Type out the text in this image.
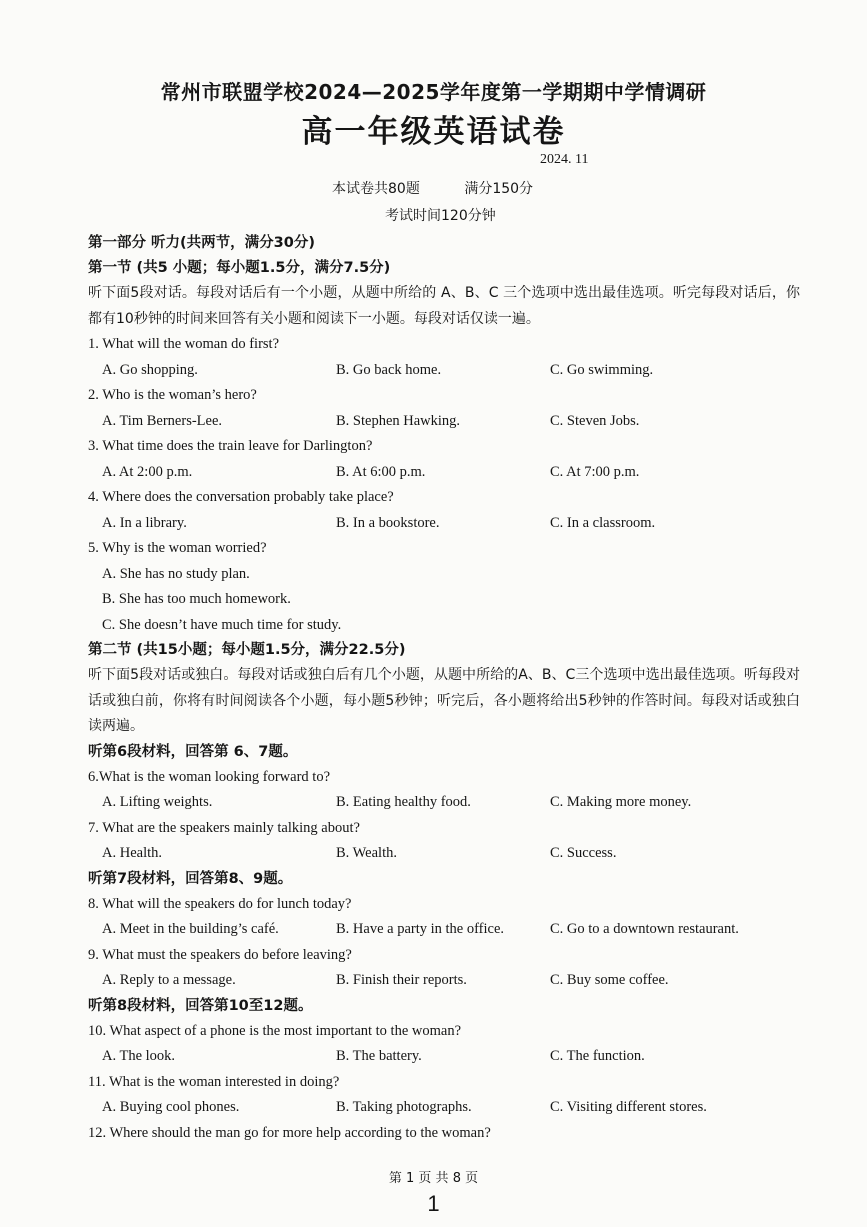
常州市联盟学校2024—2025学年度第一学期期中学情调研
高一年级英语试卷
2024. 11
本试卷共80题          满分150分
考试时间120分钟
第一部分 听力(共两节，满分30分)
第一节 (共5 小题；每小题1.5分，满分7.5分)
听下面5段对话。每段对话后有一个小题，从题中所给的 A、B、C 三个选项中选出最佳选项。听完每段对话后，你都有10秒钟的时间来回答有关小题和阅读下一小题。每段对话仅读一遍。
1. What will the woman do first?
A. Go shopping.	B. Go back home.	C. Go swimming.
2. Who is the woman’s hero?
A. Tim Berners-Lee.	B. Stephen Hawking.	C. Steven Jobs.
3. What time does the train leave for Darlington?
A. At 2:00 p.m.	B. At 6:00 p.m.	C. At 7:00 p.m.
4. Where does the conversation probably take place?
A. In a library.	B. In a bookstore.	C. In a classroom.
5. Why is the woman worried?
A. She has no study plan.
B. She has too much homework.
C. She doesn’t have much time for study.
第二节 (共15小题；每小题1.5分，满分22.5分)
听下面5段对话或独白。每段对话或独白后有几个小题，从题中所给的A、B、C三个选项中选出最佳选项。听每段对话或独白前，你将有时间阅读各个小题，每小题5秒钟；听完后，各小题将给出5秒钟的作答时间。每段对话或独白读两遍。
听第6段材料，回答第 6、7题。
6.What is the woman looking forward to?
A. Lifting weights.	B. Eating healthy food.	C. Making more money.
7. What are the speakers mainly talking about?
A. Health.	B. Wealth.	C. Success.
听第7段材料，回答第8、9题。
8. What will the speakers do for lunch today?
A. Meet in the building’s café.	B. Have a party in the office.	C. Go to a downtown restaurant.
9. What must the speakers do before leaving?
A. Reply to a message.	B. Finish their reports.	C. Buy some coffee.
听第8段材料，回答第10至12题。
10. What aspect of a phone is the most important to the woman?
A. The look.	B. The battery.	C. The function.
11. What is the woman interested in doing?
A. Buying cool phones.	B. Taking photographs.	C. Visiting different stores.
12. Where should the man go for more help according to the woman?
第 1 页 共 8 页
1
